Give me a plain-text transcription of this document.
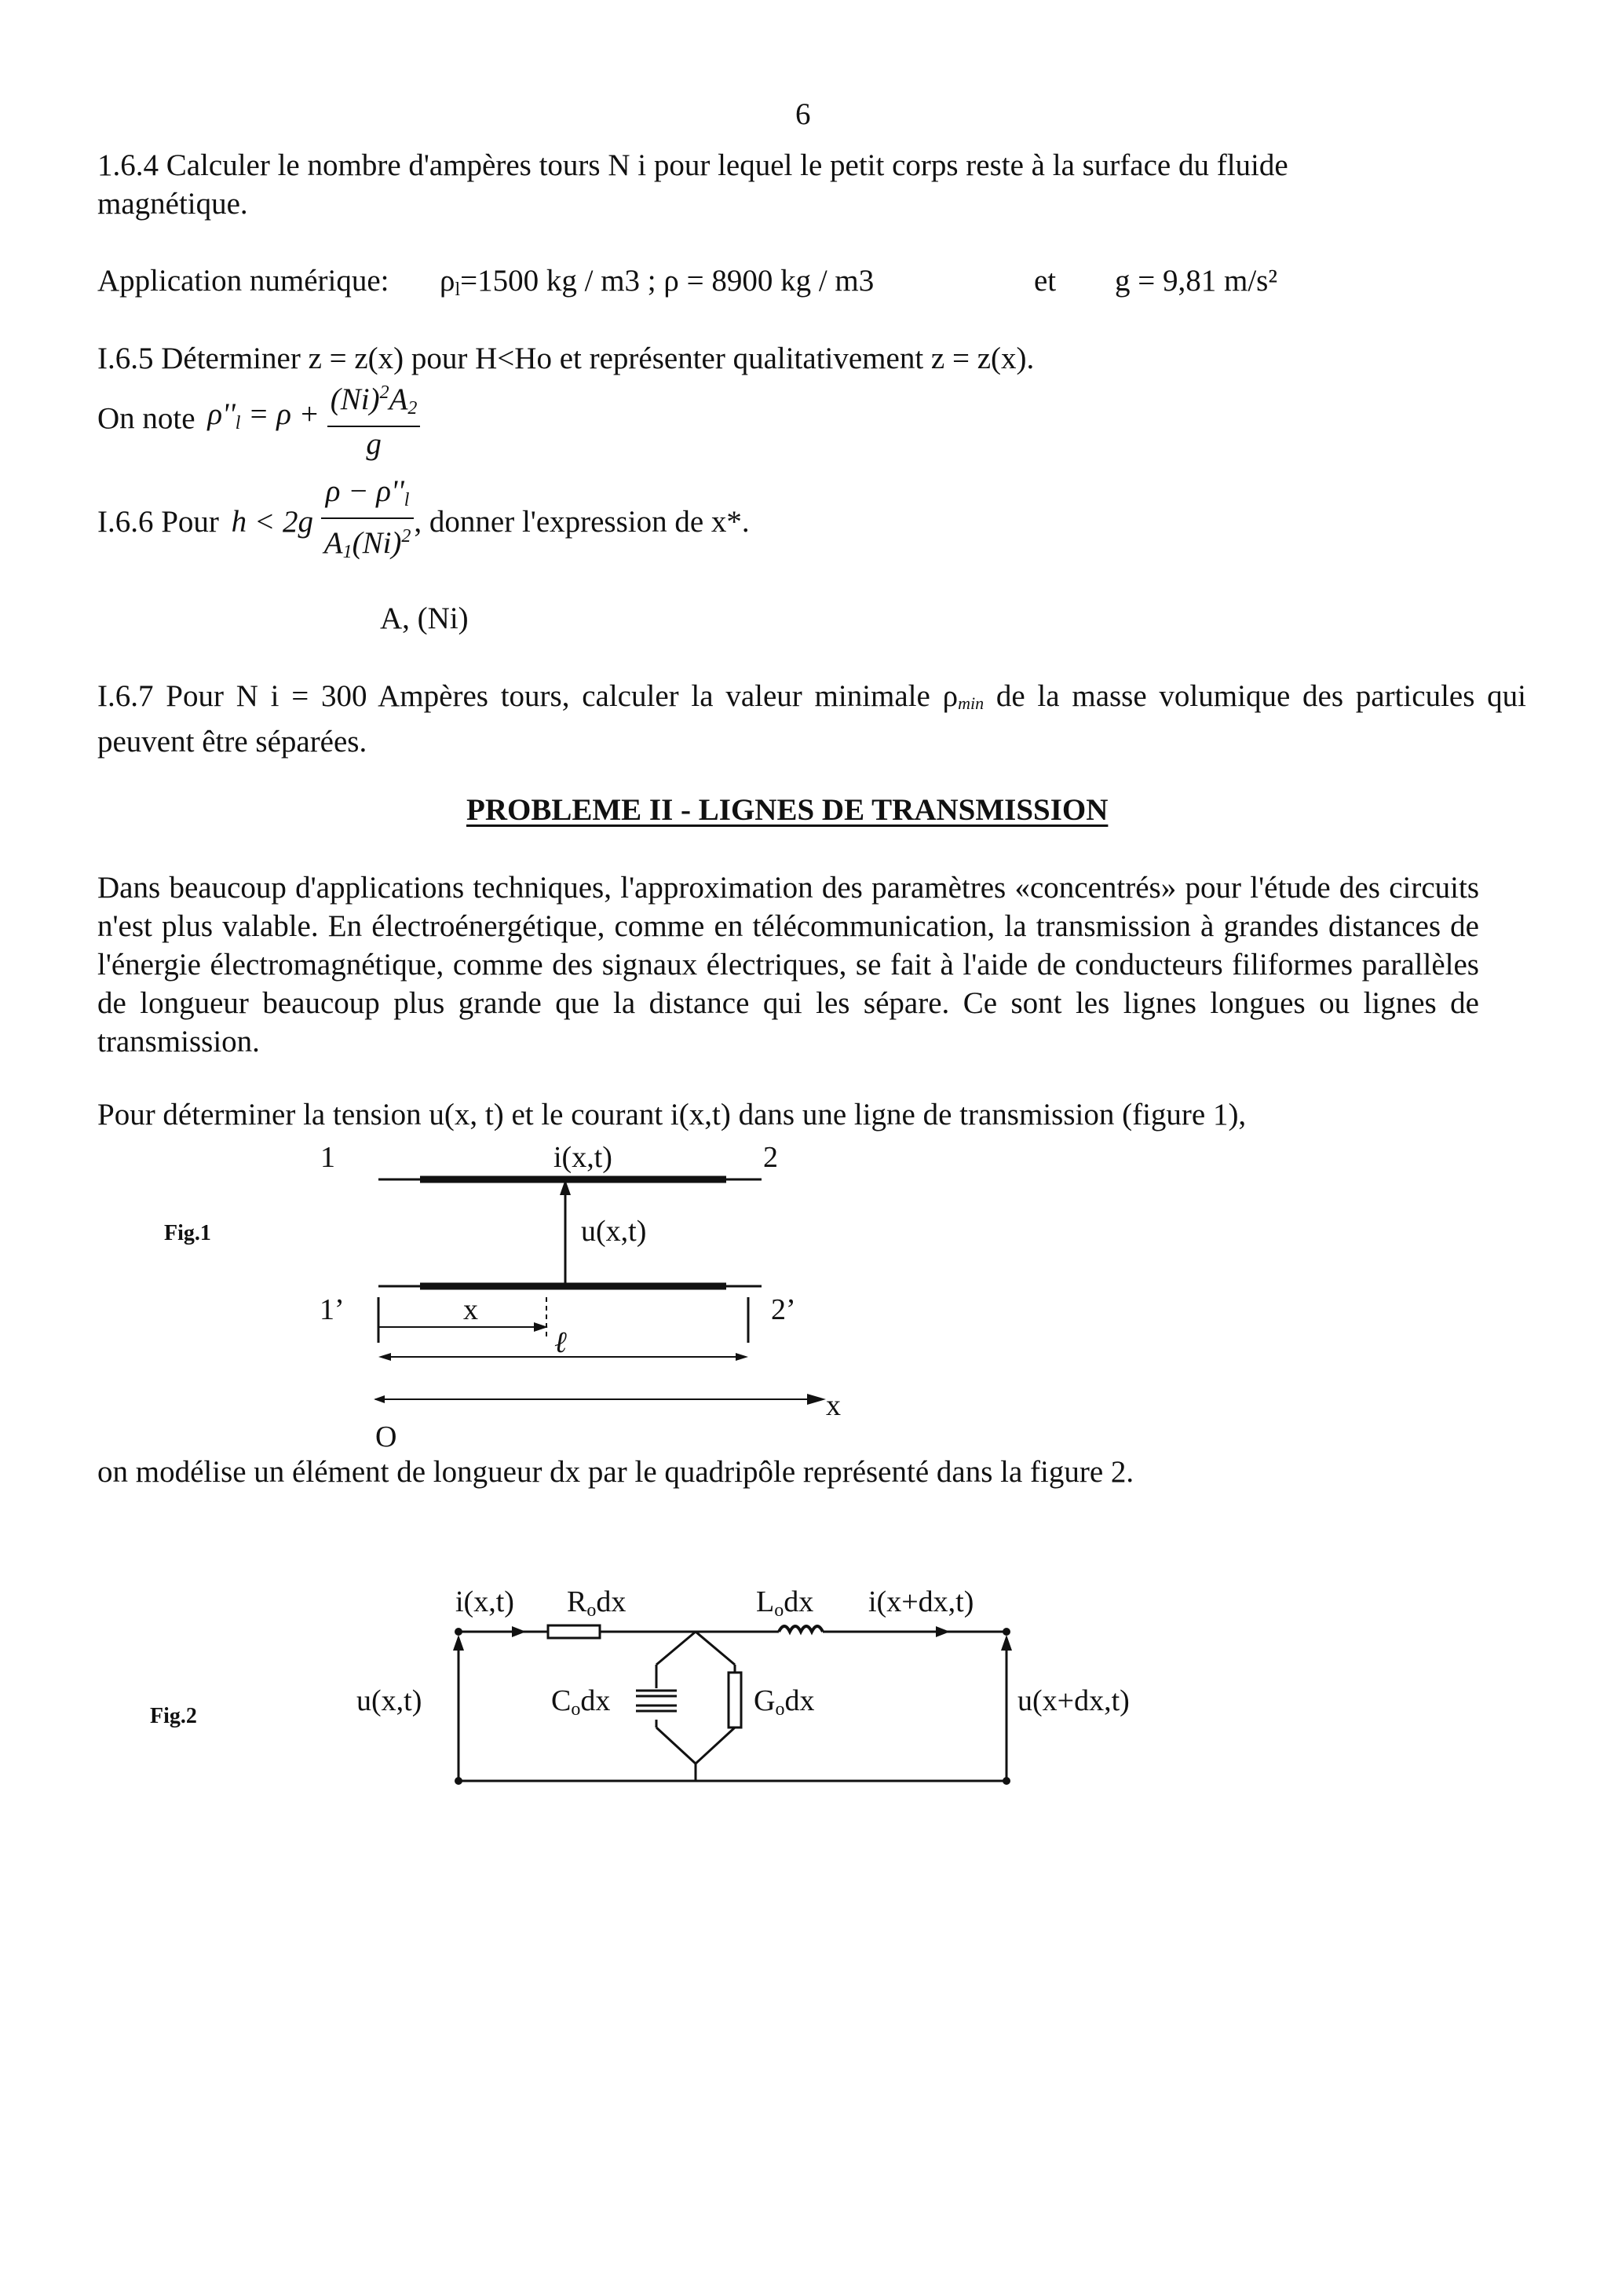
6
1.6.4 Calculer le nombre d'ampères tours N i pour lequel le petit corps reste à la surface du fluide
magnétique.
Application numérique: $\rho_l=1500$ kg / m3 ; ρ = 8900 kg / m3	et g = 9,81 m/s²
I.6.5 Déterminer z = z(x) pour H<Ho et représenter qualitativement z = z(x).
On note $\rho''_l = \rho + \frac{(Ni)^2A_2}{g}$
I.6.6 Pour $h < 2g \frac{\rho - \rho''_l}{A_1(Ni)^2}$ , donner l'expression de x*.
A, (Ni)
I.6.7 Pour N i = 300 Ampères tours, calculer la valeur minimale ρmin de la masse volumique des particules qui peuvent être séparées.
PROBLEME II - LIGNES DE TRANSMISSION
Dans beaucoup d'applications techniques, l'approximation des paramètres «concentrés» pour l'étude des circuits n'est plus valable. En électroénergétique, comme en télécommunication, la transmission à grandes distances de l'énergie électromagnétique, comme des signaux électriques, se fait à l'aide de conducteurs filiformes parallèles de longueur beaucoup plus grande que la distance qui les sépare. Ce sont les lignes longues ou lignes de transmission.
Pour déterminer la tension u(x, t) et le courant i(x,t) dans une ligne de transmission (figure 1),
Fig.1
1	2
i(x,t)
u(x,t)
1’	2’
x
ℓ
x
O
on modélise un élément de longueur dx par le quadripôle représenté dans la figure 2.
Fig.2
i(x,t) Rodx	Lodx i(x+dx,t)
u(x,t)	Codx	Godx	u(x+dx,t)
